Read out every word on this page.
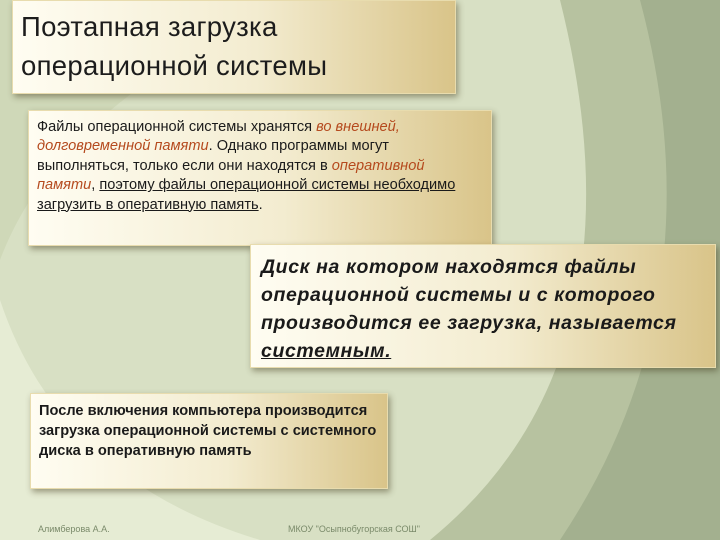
Поэтапная загрузка
операционной системы
Файлы операционной системы хранятся во внешней, долговременной памяти. Однако программы могут выполняться, только если они находятся в оперативной памяти, поэтому файлы операционной системы необходимо загрузить в оперативную память.
Диск на котором находятся файлы операционной системы и с которого производится ее загрузка, называется системным.
После включения компьютера производится загрузка операционной системы с системного диска в оперативную память
Алимберова А.А.	МКОУ "Осыпнобугорская СОШ"
